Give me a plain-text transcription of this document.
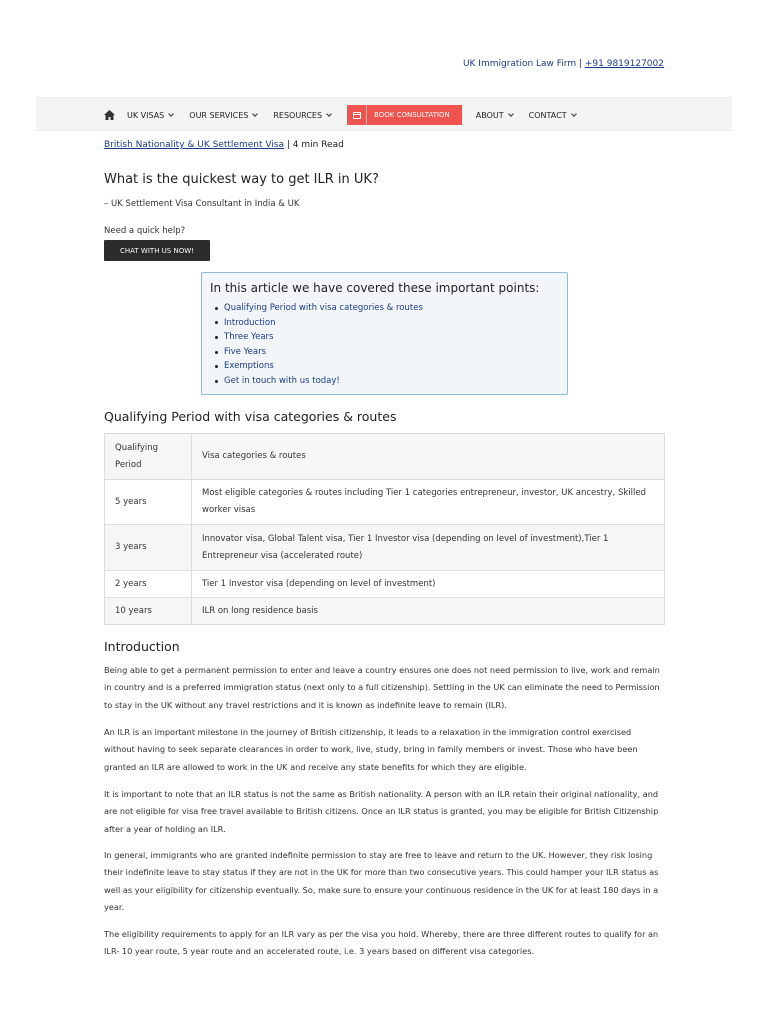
UK Immigration Law Firm | +91 9819127002
UK VISAS	OUR SERVICES	RESOURCES	BOOK CONSULTATION	ABOUT	CONTACT
British Nationality & UK Settlement Visa | 4 min Read
What is the quickest way to get ILR in UK?
– UK Settlement Visa Consultant in India & UK
Need a quick help?
CHAT WITH US NOW!
In this article we have covered these important points:
Qualifying Period with visa categories & routes
Introduction
Three Years
Five Years
Exemptions
Get in touch with us today!
Qualifying Period with visa categories & routes
Qualifying Period	Visa categories & routes
5 years	Most eligible categories & routes including Tier 1 categories entrepreneur, investor, UK ancestry, Skilled worker visas
3 years	Innovator visa, Global Talent visa, Tier 1 Investor visa (depending on level of investment),Tier 1 Entrepreneur visa (accelerated route)
2 years	Tier 1 Investor visa (depending on level of investment)
10 years	ILR on long residence basis
Introduction

Being able to get a permanent permission to enter and leave a country ensures one does not need permission to live, work and remain in country and is a preferred immigration status (next only to a full citizenship). Settling in the UK can eliminate the need to Permission to stay in the UK without any travel restrictions and it is known as indefinite leave to remain (ILR).

An ILR is an important milestone in the journey of British citizenship, it leads to a relaxation in the immigration control exercised without having to seek separate clearances in order to work, live, study, bring in family members or invest. Those who have been granted an ILR are allowed to work in the UK and receive any state benefits for which they are eligible.

It is important to note that an ILR status is not the same as British nationality. A person with an ILR retain their original nationality, and are not eligible for visa free travel available to British citizens. Once an ILR status is granted, you may be eligible for British Citizenship after a year of holding an ILR.

In general, immigrants who are granted indefinite permission to stay are free to leave and return to the UK. However, they risk losing their indefinite leave to stay status if they are not in the UK for more than two consecutive years. This could hamper your ILR status as well as your eligibility for citizenship eventually. So, make sure to ensure your continuous residence in the UK for at least 180 days in a year.

The eligibility requirements to apply for an ILR vary as per the visa you hold. Whereby, there are three different routes to qualify for an ILR- 10 year route, 5 year route and an accelerated route, i.e. 3 years based on different visa categories.
